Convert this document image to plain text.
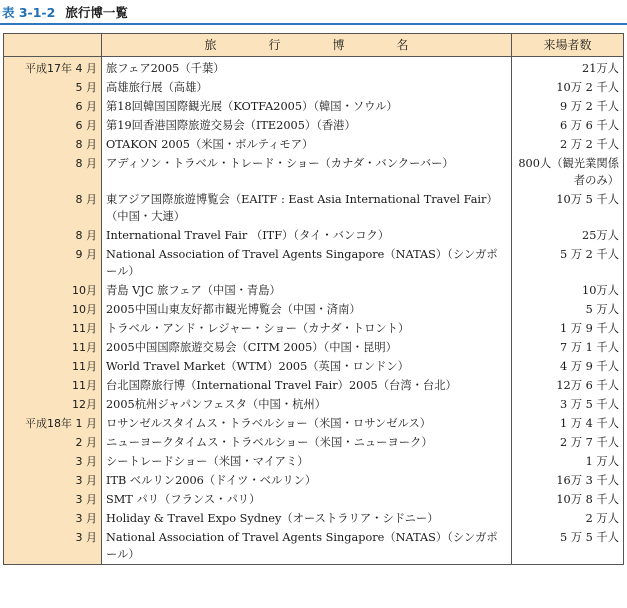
表 3-1-2 旅行博一覧
	旅行博名	来場者数
平成17年 4 月	旅フェア2005（千葉）	21万人
5 月	高雄旅行展（高雄）	10万 2 千人
6 月	第18回韓国国際観光展（KOTFA2005）（韓国・ソウル）	9 万 2 千人
6 月	第19回香港国際旅遊交易会（ITE2005）（香港）	6 万 6 千人
8 月	OTAKON 2005（米国・ボルティモア）	2 万 2 千人
8 月	アディソン・トラベル・トレード・ショー（カナダ・バンクーバー）	800人（観光業関係者のみ）
8 月	東アジア国際旅遊博覧会（EAITF : East Asia International Travel Fair）（中国・大連）	10万 5 千人
8 月	International Travel Fair （ITF）（タイ・バンコク）	25万人
9 月	National Association of Travel Agents Singapore（NATAS）（シンガポール）	5 万 2 千人
10月	青島 VJC 旅フェア（中国・青島）	10万人
10月	2005中国山東友好都市観光博覧会（中国・済南）	5 万人
11月	トラベル・アンド・レジャー・ショー（カナダ・トロント）	1 万 9 千人
11月	2005中国国際旅遊交易会（CITM 2005）（中国・昆明）	7 万 1 千人
11月	World Travel Market（WTM）2005（英国・ロンドン）	4 万 9 千人
11月	台北国際旅行博（International Travel Fair）2005（台湾・台北）	12万 6 千人
12月	2005杭州ジャパンフェスタ（中国・杭州）	3 万 5 千人
平成18年 1 月	ロサンゼルスタイムス・トラベルショー（米国・ロサンゼルス）	1 万 4 千人
2 月	ニューヨークタイムス・トラベルショー（米国・ニューヨーク）	2 万 7 千人
3 月	シートレードショー（米国・マイアミ）	1 万人
3 月	ITB ベルリン2006（ドイツ・ベルリン）	16万 3 千人
3 月	SMT パリ（フランス・パリ）	10万 8 千人
3 月	Holiday & Travel Expo Sydney（オーストラリア・シドニー）	2 万人
3 月	National Association of Travel Agents Singapore（NATAS）（シンガポール）	5 万 5 千人
